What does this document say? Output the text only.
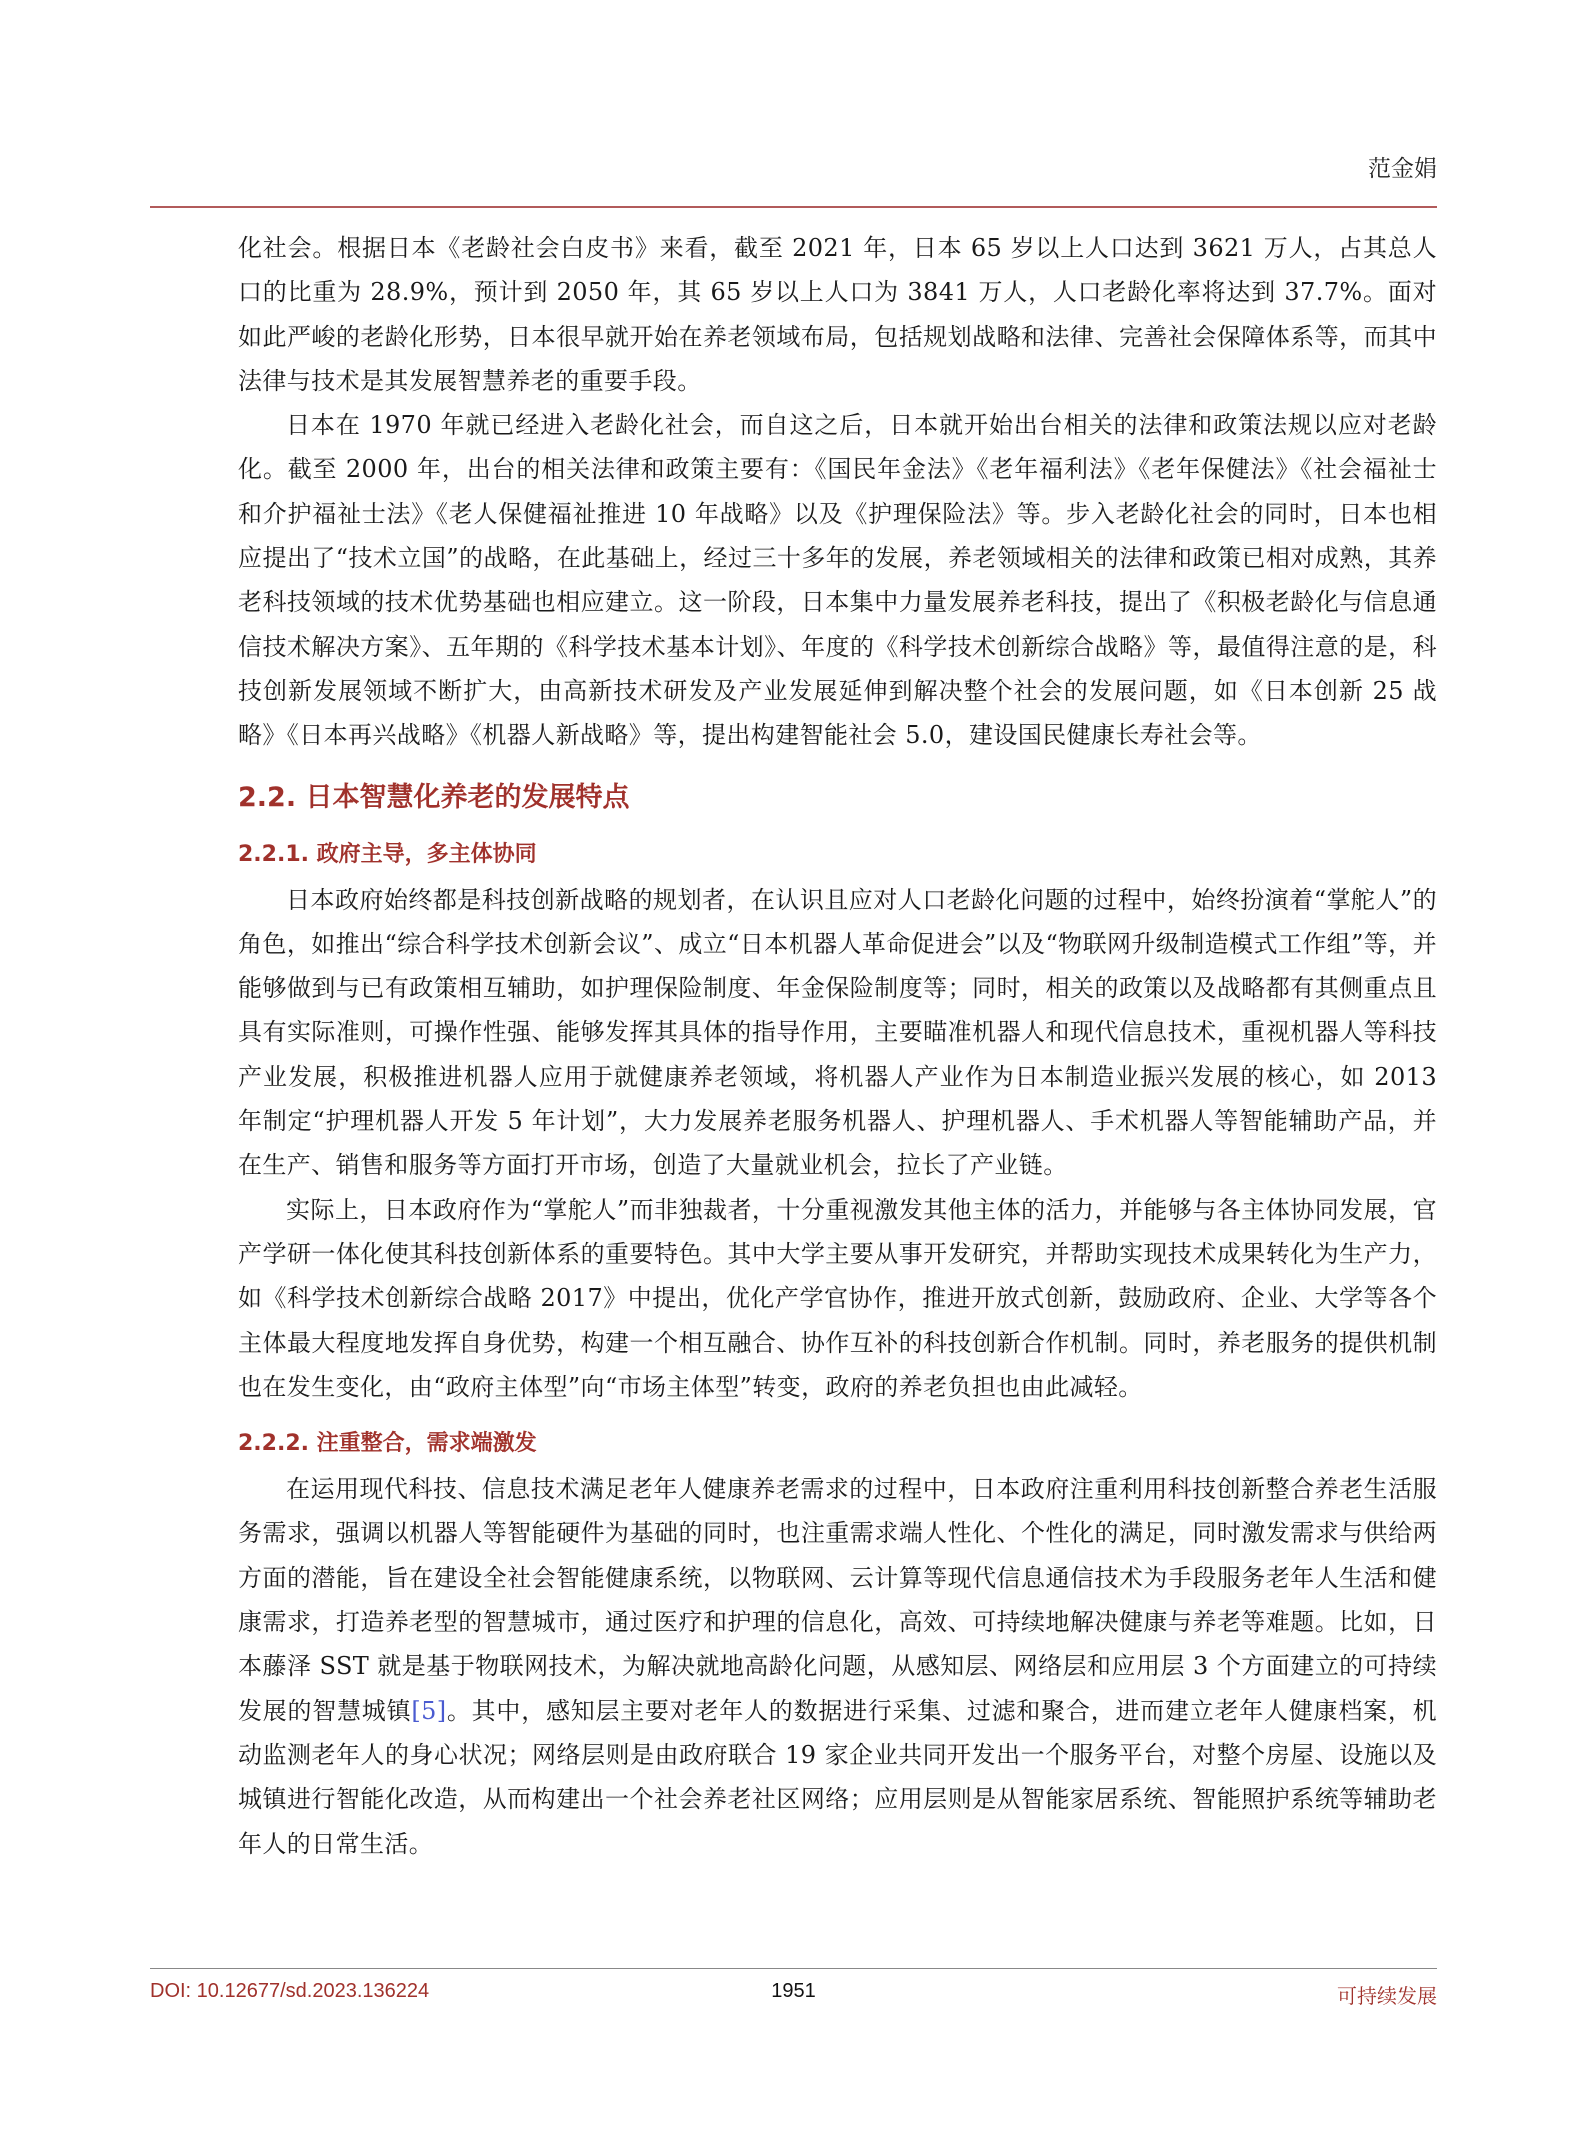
范金娟

化社会。根据日本《老龄社会白皮书》来看，截至 2021 年，日本 65 岁以上人口达到 3621 万人，占其总人口的比重为 28.9%，预计到 2050 年，其 65 岁以上人口为 3841 万人，人口老龄化率将达到 37.7%。面对如此严峻的老龄化形势，日本很早就开始在养老领域布局，包括规划战略和法律、完善社会保障体系等，而其中法律与技术是其发展智慧养老的重要手段。

日本在 1970 年就已经进入老龄化社会，而自这之后，日本就开始出台相关的法律和政策法规以应对老龄化。截至 2000 年，出台的相关法律和政策主要有：《国民年金法》《老年福利法》《老年保健法》《社会福祉士和介护福祉士法》《老人保健福祉推进 10 年战略》以及《护理保险法》等。步入老龄化社会的同时，日本也相应提出了“技术立国”的战略，在此基础上，经过三十多年的发展，养老领域相关的法律和政策已相对成熟，其养老科技领域的技术优势基础也相应建立。这一阶段，日本集中力量发展养老科技，提出了《积极老龄化与信息通信技术解决方案》、五年期的《科学技术基本计划》、年度的《科学技术创新综合战略》等，最值得注意的是，科技创新发展领域不断扩大，由高新技术研发及产业发展延伸到解决整个社会的发展问题，如《日本创新 25 战略》《日本再兴战略》《机器人新战略》等，提出构建智能社会 5.0，建设国民健康长寿社会等。

2.2. 日本智慧化养老的发展特点
2.2.1. 政府主导，多主体协同

日本政府始终都是科技创新战略的规划者，在认识且应对人口老龄化问题的过程中，始终扮演着“掌舵人”的角色，如推出“综合科学技术创新会议”、成立“日本机器人革命促进会”以及“物联网升级制造模式工作组”等，并能够做到与已有政策相互辅助，如护理保险制度、年金保险制度等；同时，相关的政策以及战略都有其侧重点且具有实际准则，可操作性强、能够发挥其具体的指导作用，主要瞄准机器人和现代信息技术，重视机器人等科技产业发展，积极推进机器人应用于就健康养老领域，将机器人产业作为日本制造业振兴发展的核心，如 2013 年制定“护理机器人开发 5 年计划”，大力发展养老服务机器人、护理机器人、手术机器人等智能辅助产品，并在生产、销售和服务等方面打开市场，创造了大量就业机会，拉长了产业链。

实际上，日本政府作为“掌舵人”而非独裁者，十分重视激发其他主体的活力，并能够与各主体协同发展，官产学研一体化使其科技创新体系的重要特色。其中大学主要从事开发研究，并帮助实现技术成果转化为生产力，如《科学技术创新综合战略 2017》中提出，优化产学官协作，推进开放式创新，鼓励政府、企业、大学等各个主体最大程度地发挥自身优势，构建一个相互融合、协作互补的科技创新合作机制。同时，养老服务的提供机制也在发生变化，由“政府主体型”向“市场主体型”转变，政府的养老负担也由此减轻。

2.2.2. 注重整合，需求端激发

在运用现代科技、信息技术满足老年人健康养老需求的过程中，日本政府注重利用科技创新整合养老生活服务需求，强调以机器人等智能硬件为基础的同时，也注重需求端人性化、个性化的满足，同时激发需求与供给两方面的潜能，旨在建设全社会智能健康系统，以物联网、云计算等现代信息通信技术为手段服务老年人生活和健康需求，打造养老型的智慧城市，通过医疗和护理的信息化，高效、可持续地解决健康与养老等难题。比如，日本藤泽 SST 就是基于物联网技术，为解决就地高龄化问题，从感知层、网络层和应用层 3 个方面建立的可持续发展的智慧城镇[5]。其中，感知层主要对老年人的数据进行采集、过滤和聚合，进而建立老年人健康档案，机动监测老年人的身心状况；网络层则是由政府联合 19 家企业共同开发出一个服务平台，对整个房屋、设施以及城镇进行智能化改造，从而构建出一个社会养老社区网络；应用层则是从智能家居系统、智能照护系统等辅助老年人的日常生活。

DOI: 10.12677/sd.2023.136224	1951	可持续发展
